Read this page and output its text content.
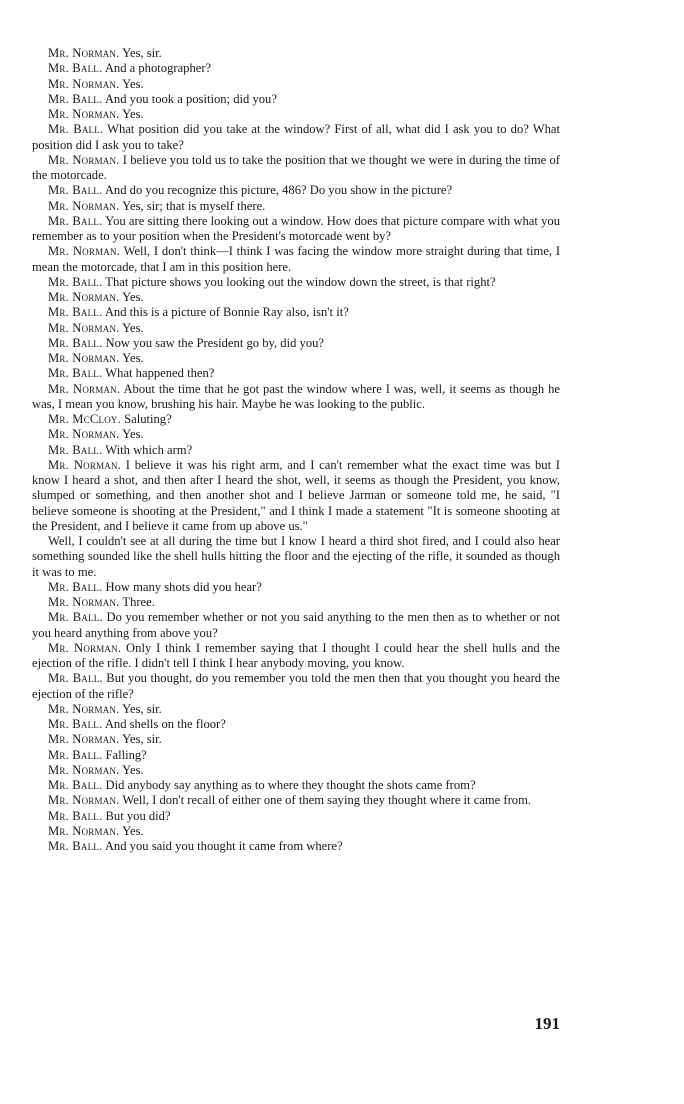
Mr. Norman. Yes, sir.

Mr. Ball. And a photographer?

Mr. Norman. Yes.

Mr. Ball. And you took a position; did you?

Mr. Norman. Yes.

Mr. Ball. What position did you take at the window? First of all, what did I ask you to do? What position did I ask you to take?

Mr. Norman. I believe you told us to take the position that we thought we were in during the time of the motorcade.

Mr. Ball. And do you recognize this picture, 486? Do you show in the picture?

Mr. Norman. Yes, sir; that is myself there.

Mr. Ball. You are sitting there looking out a window. How does that picture compare with what you remember as to your position when the President's motorcade went by?

Mr. Norman. Well, I don't think—I think I was facing the window more straight during that time, I mean the motorcade, that I am in this position here.

Mr. Ball. That picture shows you looking out the window down the street, is that right?

Mr. Norman. Yes.

Mr. Ball. And this is a picture of Bonnie Ray also, isn't it?

Mr. Norman. Yes.

Mr. Ball. Now you saw the President go by, did you?

Mr. Norman. Yes.

Mr. Ball. What happened then?

Mr. Norman. About the time that he got past the window where I was, well, it seems as though he was, I mean you know, brushing his hair. Maybe he was looking to the public.

Mr. McCloy. Saluting?

Mr. Norman. Yes.

Mr. Ball. With which arm?

Mr. Norman. I believe it was his right arm, and I can't remember what the exact time was but I know I heard a shot, and then after I heard the shot, well, it seems as though the President, you know, slumped or something, and then another shot and I believe Jarman or someone told me, he said, "I believe someone is shooting at the President," and I think I made a statement "It is someone shooting at the President, and I believe it came from up above us."

Well, I couldn't see at all during the time but I know I heard a third shot fired, and I could also hear something sounded like the shell hulls hitting the floor and the ejecting of the rifle, it sounded as though it was to me.

Mr. Ball. How many shots did you hear?

Mr. Norman. Three.

Mr. Ball. Do you remember whether or not you said anything to the men then as to whether or not you heard anything from above you?

Mr. Norman. Only I think I remember saying that I thought I could hear the shell hulls and the ejection of the rifle. I didn't tell I think I hear anybody moving, you know.

Mr. Ball. But you thought, do you remember you told the men then that you thought you heard the ejection of the rifle?

Mr. Norman. Yes, sir.

Mr. Ball. And shells on the floor?

Mr. Norman. Yes, sir.

Mr. Ball. Falling?

Mr. Norman. Yes.

Mr. Ball. Did anybody say anything as to where they thought the shots came from?

Mr. Norman. Well, I don't recall of either one of them saying they thought where it came from.

Mr. Ball. But you did?

Mr. Norman. Yes.

Mr. Ball. And you said you thought it came from where?

191
